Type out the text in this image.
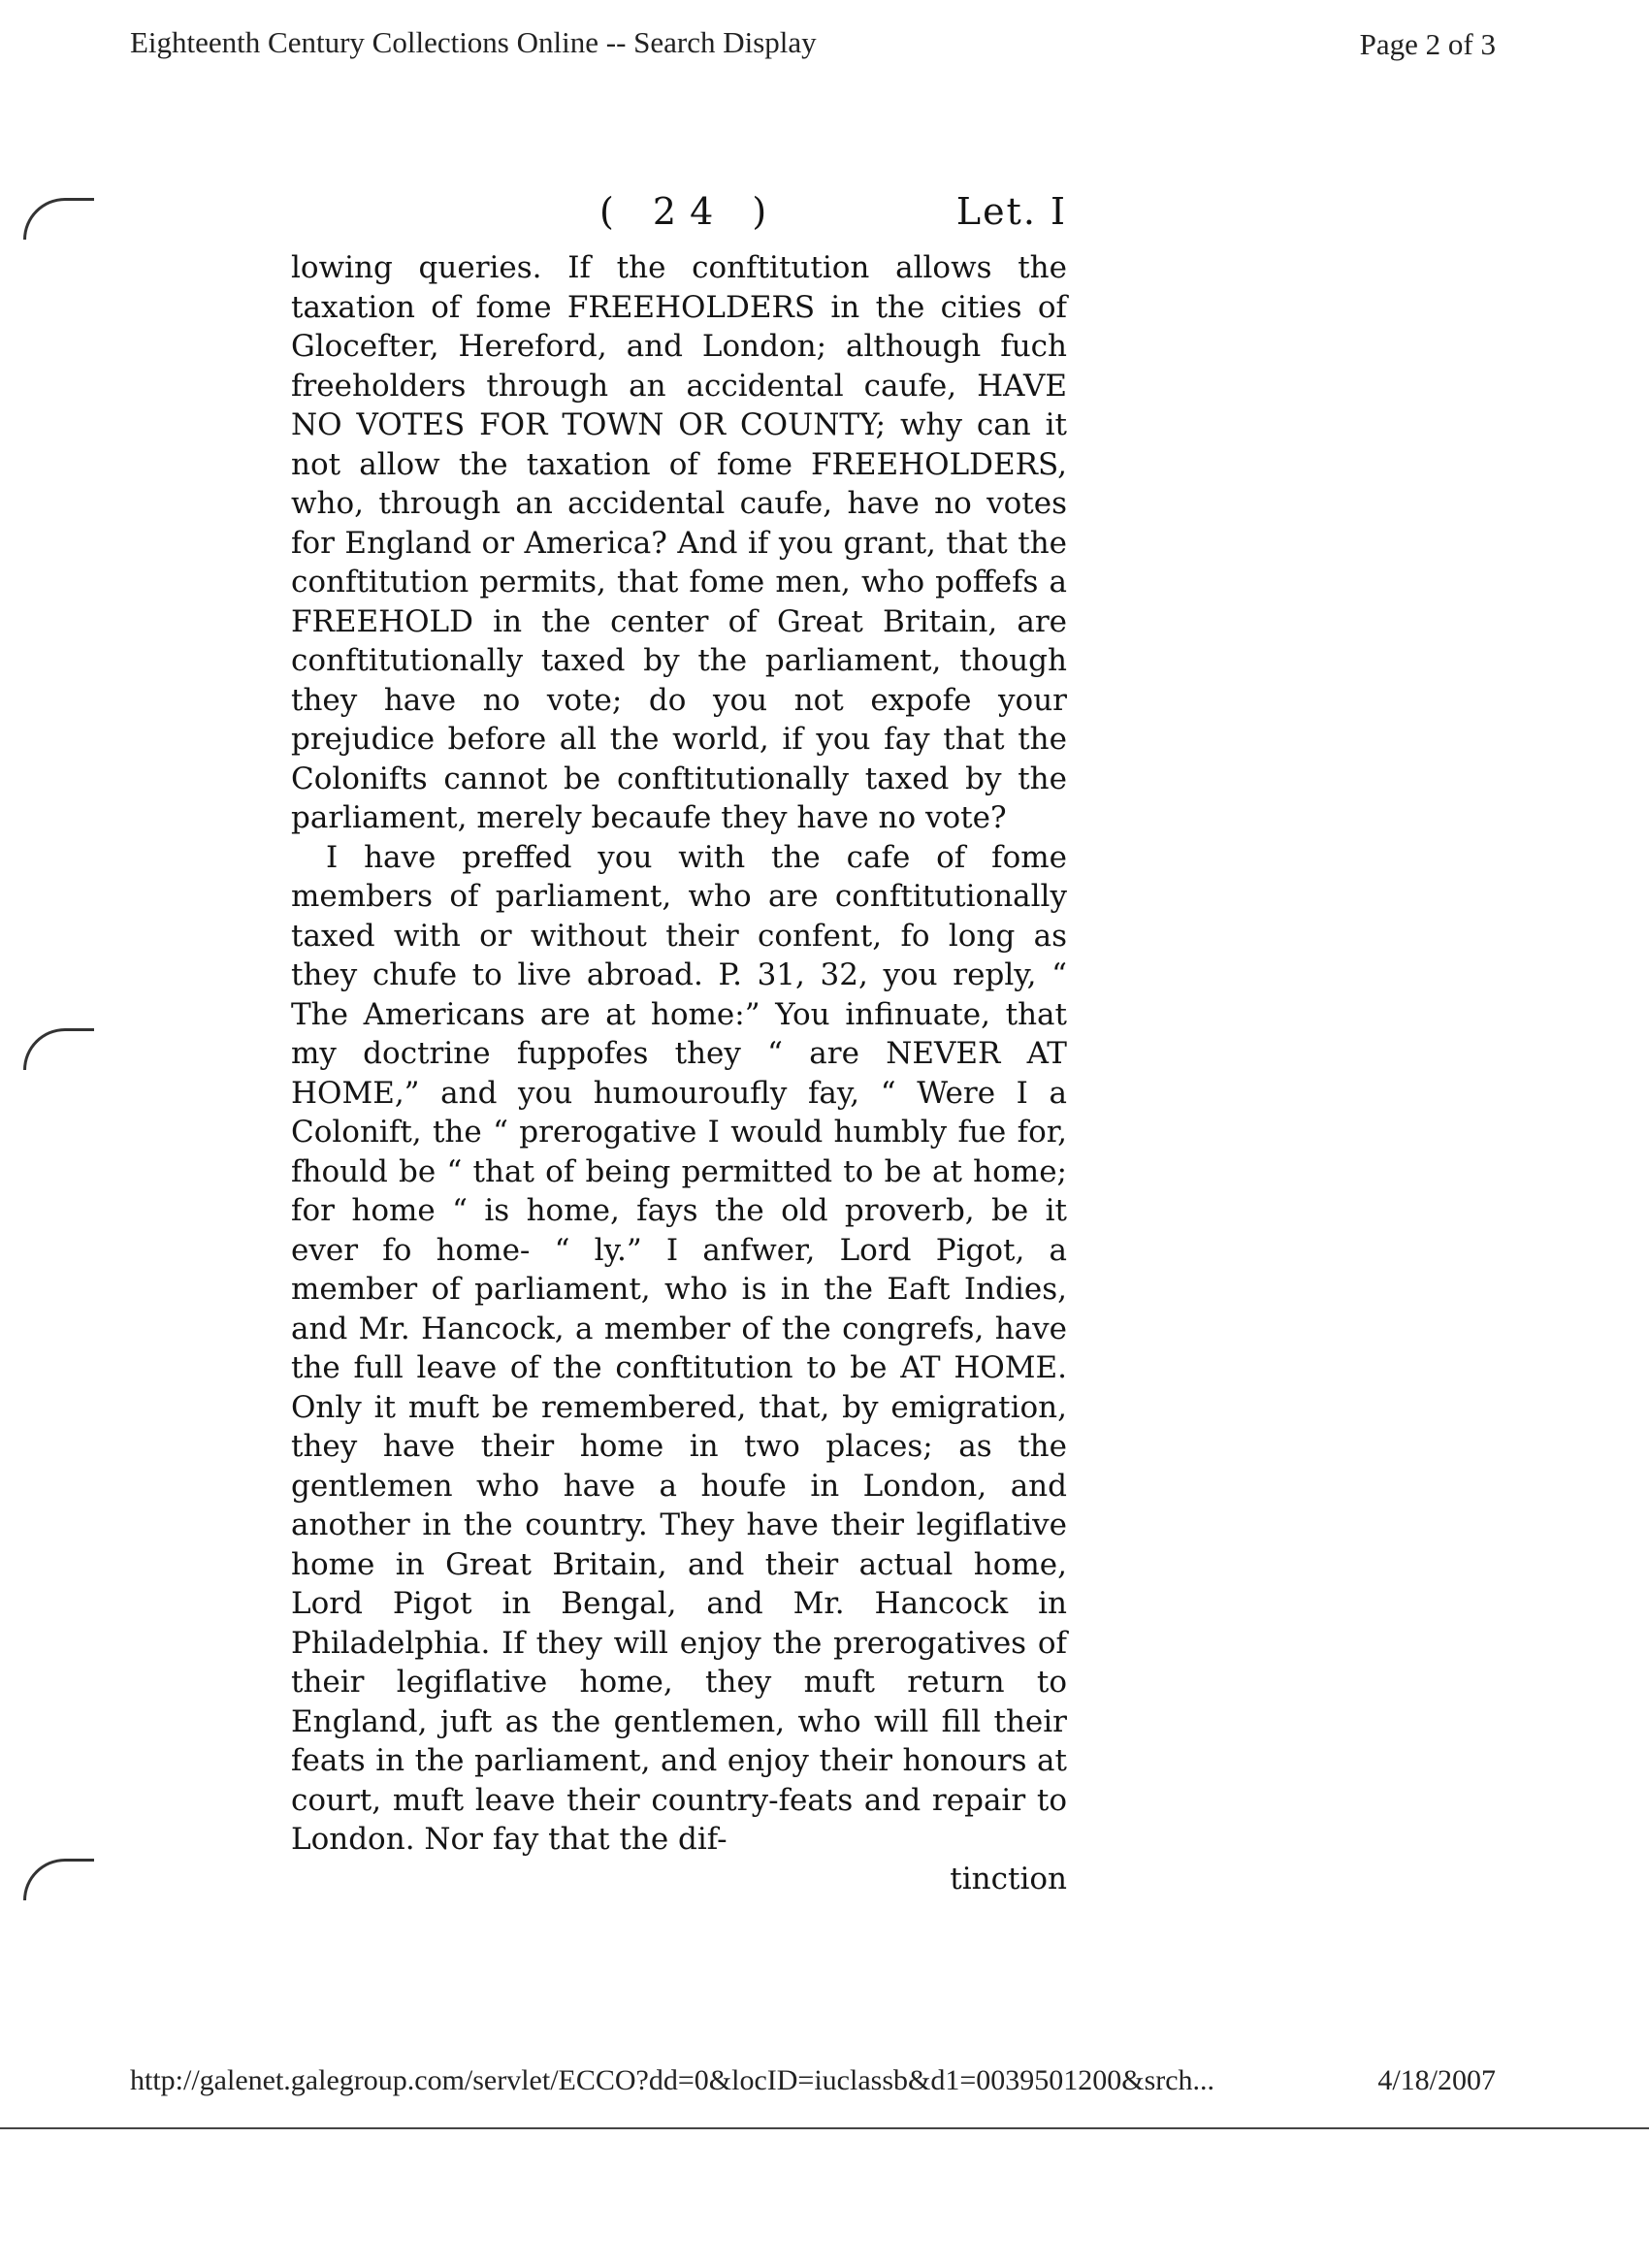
Eighteenth Century Collections Online -- Search Display	Page 2 of 3
( 24 )	Let. I

lowing queries. If the conftitution allows the taxation of fome FREEHOLDERS in the cities of Glocefter, Hereford, and London; although fuch freeholders through an accidental caufe, HAVE NO VOTES FOR TOWN OR COUNTY; why can it not allow the taxation of fome FREEHOLDERS, who, through an accidental caufe, have no votes for England or America? And if you grant, that the conftitution permits, that fome men, who poffefs a FREEHOLD in the center of Great Britain, are conftitutionally taxed by the parliament, though they have no vote; do you not expofe your prejudice before all the world, if you fay that the Colonifts cannot be conftitutionally taxed by the parliament, merely becaufe they have no vote?

I have preffed you with the cafe of fome members of parliament, who are conftitutionally taxed with or without their confent, fo long as they chufe to live abroad. P. 31, 32, you reply, “ The Americans are at home:” You infinuate, that my doctrine fuppofes they “ are NEVER AT HOME,” and you humouroufly fay, “ Were I a Colonift, the “ prerogative I would humbly fue for, fhould be “ that of being permitted to be at home; for home “ is home, fays the old proverb, be it ever fo home- “ ly.” I anfwer, Lord Pigot, a member of parliament, who is in the Eaft Indies, and Mr. Hancock, a member of the congrefs, have the full leave of the conftitution to be AT HOME. Only it muft be remembered, that, by emigration, they have their home in two places; as the gentlemen who have a houfe in London, and another in the country. They have their legiflative home in Great Britain, and their actual home, Lord Pigot in Bengal, and Mr. Hancock in Philadelphia. If they will enjoy the prerogatives of their legiflative home, they muft return to England, juft as the gentlemen, who will fill their feats in the parliament, and enjoy their honours at court, muft leave their country-feats and repair to London. Nor fay that the dif-

tinction

http://galenet.galegroup.com/servlet/ECCO?dd=0&locID=iuclassb&d1=0039501200&srch...	4/18/2007
